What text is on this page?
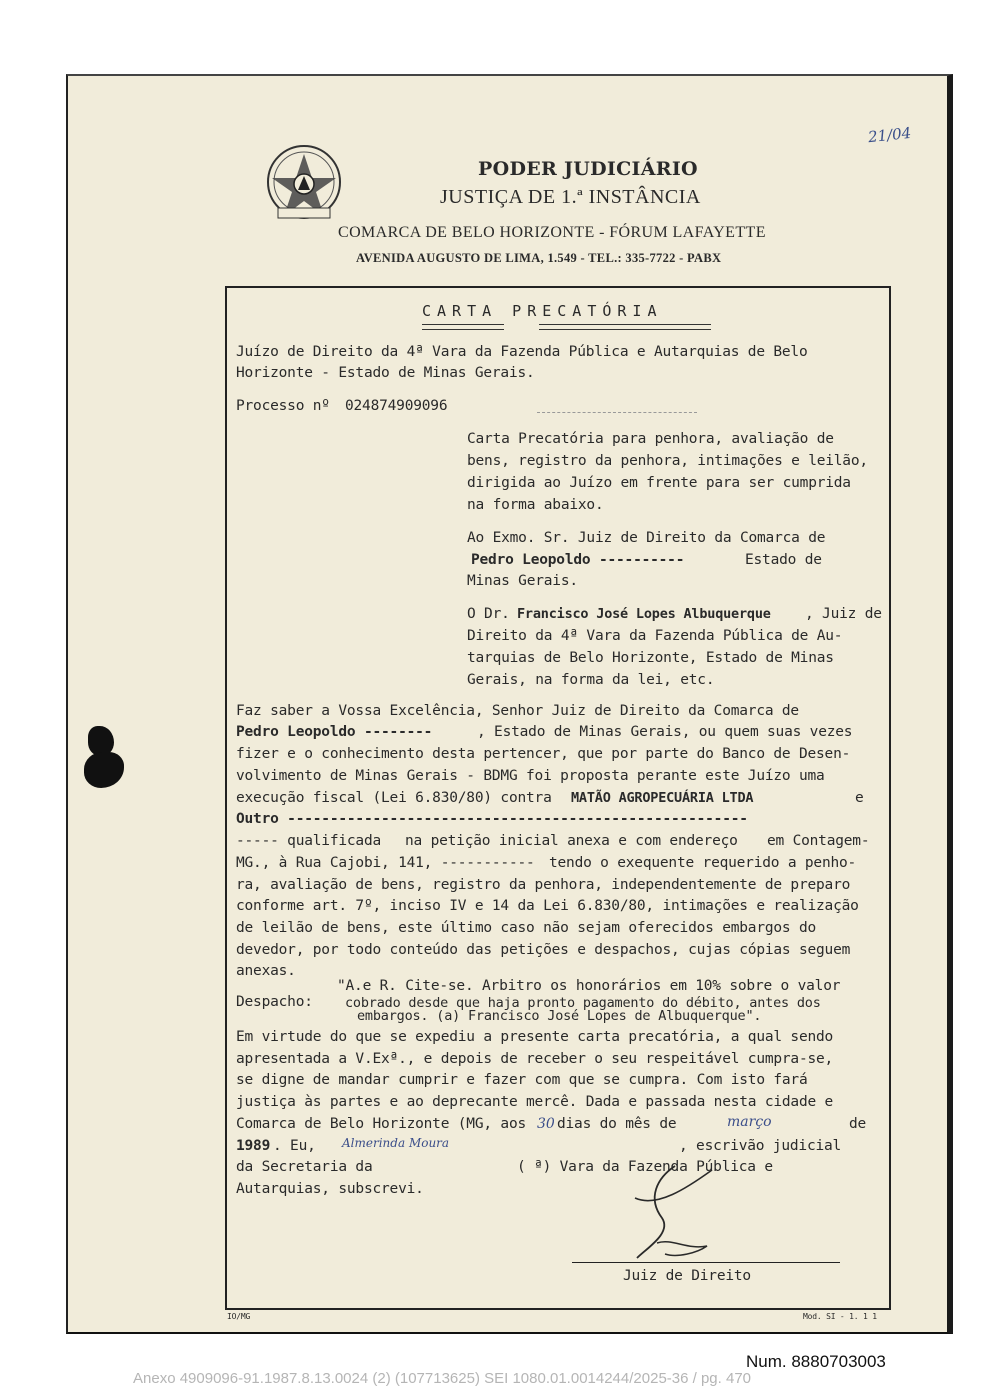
PODER JUDICIÁRIO
JUSTIÇA DE 1.ª INSTÂNCIA
COMARCA DE BELO HORIZONTE - FÓRUM LAFAYETTE
AVENIDA AUGUSTO DE LIMA, 1.549 - TEL.: 335-7722 - PABX
21/04
CARTA PRECATÓRIA
Juízo de Direito da 4ª Vara da Fazenda Pública e Autarquias de Belo
Horizonte - Estado de Minas Gerais.
Processo nº 024874909096
Carta Precatória para penhora, avaliação de
bens, registro da penhora, intimações e leilão,
dirigida ao Juízo em frente para ser cumprida
na forma abaixo.
Ao Exmo. Sr. Juiz de Direito da Comarca de
Pedro Leopoldo ----------	Estado de
Minas Gerais.
O Dr. Francisco José Lopes Albuquerque , Juiz de
Direito da 4ª Vara da Fazenda Pública de Au-
tarquias de Belo Horizonte, Estado de Minas
Gerais, na forma da lei, etc.
Faz saber a Vossa Excelência, Senhor Juiz de Direito da Comarca de
Pedro Leopoldo --------	, Estado de Minas Gerais, ou quem suas vezes
fizer e o conhecimento desta pertencer, que por parte do Banco de Desen-
volvimento de Minas Gerais - BDMG foi proposta perante este Juízo uma
execução fiscal (Lei 6.830/80) contra MATÃO AGROPECUÁRIA LTDA	e
Outro ------------------------------------------------------
----- qualificada na petição inicial anexa e com endereço em Contagem-
MG., à Rua Cajobi, 141, ----------- tendo o exequente requerido a penho-
ra, avaliação de bens, registro da penhora, independentemente de preparo
conforme art. 7º, inciso IV e 14 da Lei 6.830/80, intimações e realização
de leilão de bens, este último caso não sejam oferecidos embargos do
devedor, por todo conteúdo das petições e despachos, cujas cópias seguem
anexas.
Despacho:
"A.e R. Cite-se. Arbitro os honorários em 10% sobre o valor
cobrado desde que haja pronto pagamento do débito, antes dos
embargos. (a) Francisco José Lopes de Albuquerque".
Em virtude do que se expediu a presente carta precatória, a qual sendo
apresentada a V.Exª., e depois de receber o seu respeitável cumpra-se,
se digne de mandar cumprir e fazer com que se cumpra. Com isto fará
justiça às partes e ao deprecante mercê. Dada e passada nesta cidade e
Comarca de Belo Horizonte (MG, aos 30 dias do mês de	março	de
1989 . Eu, Almerinda Moura	, escrivão judicial
da Secretaria da	( ª) Vara da Fazenda Pública e
Autarquias, subscrevi.
Juiz de Direito
IO/MG	Mod. SI - 1. 1 1
Num. 8880703003
Anexo 4909096-91.1987.8.13.0024 (2) (107713625) SEI 1080.01.0014244/2025-36 / pg. 470
